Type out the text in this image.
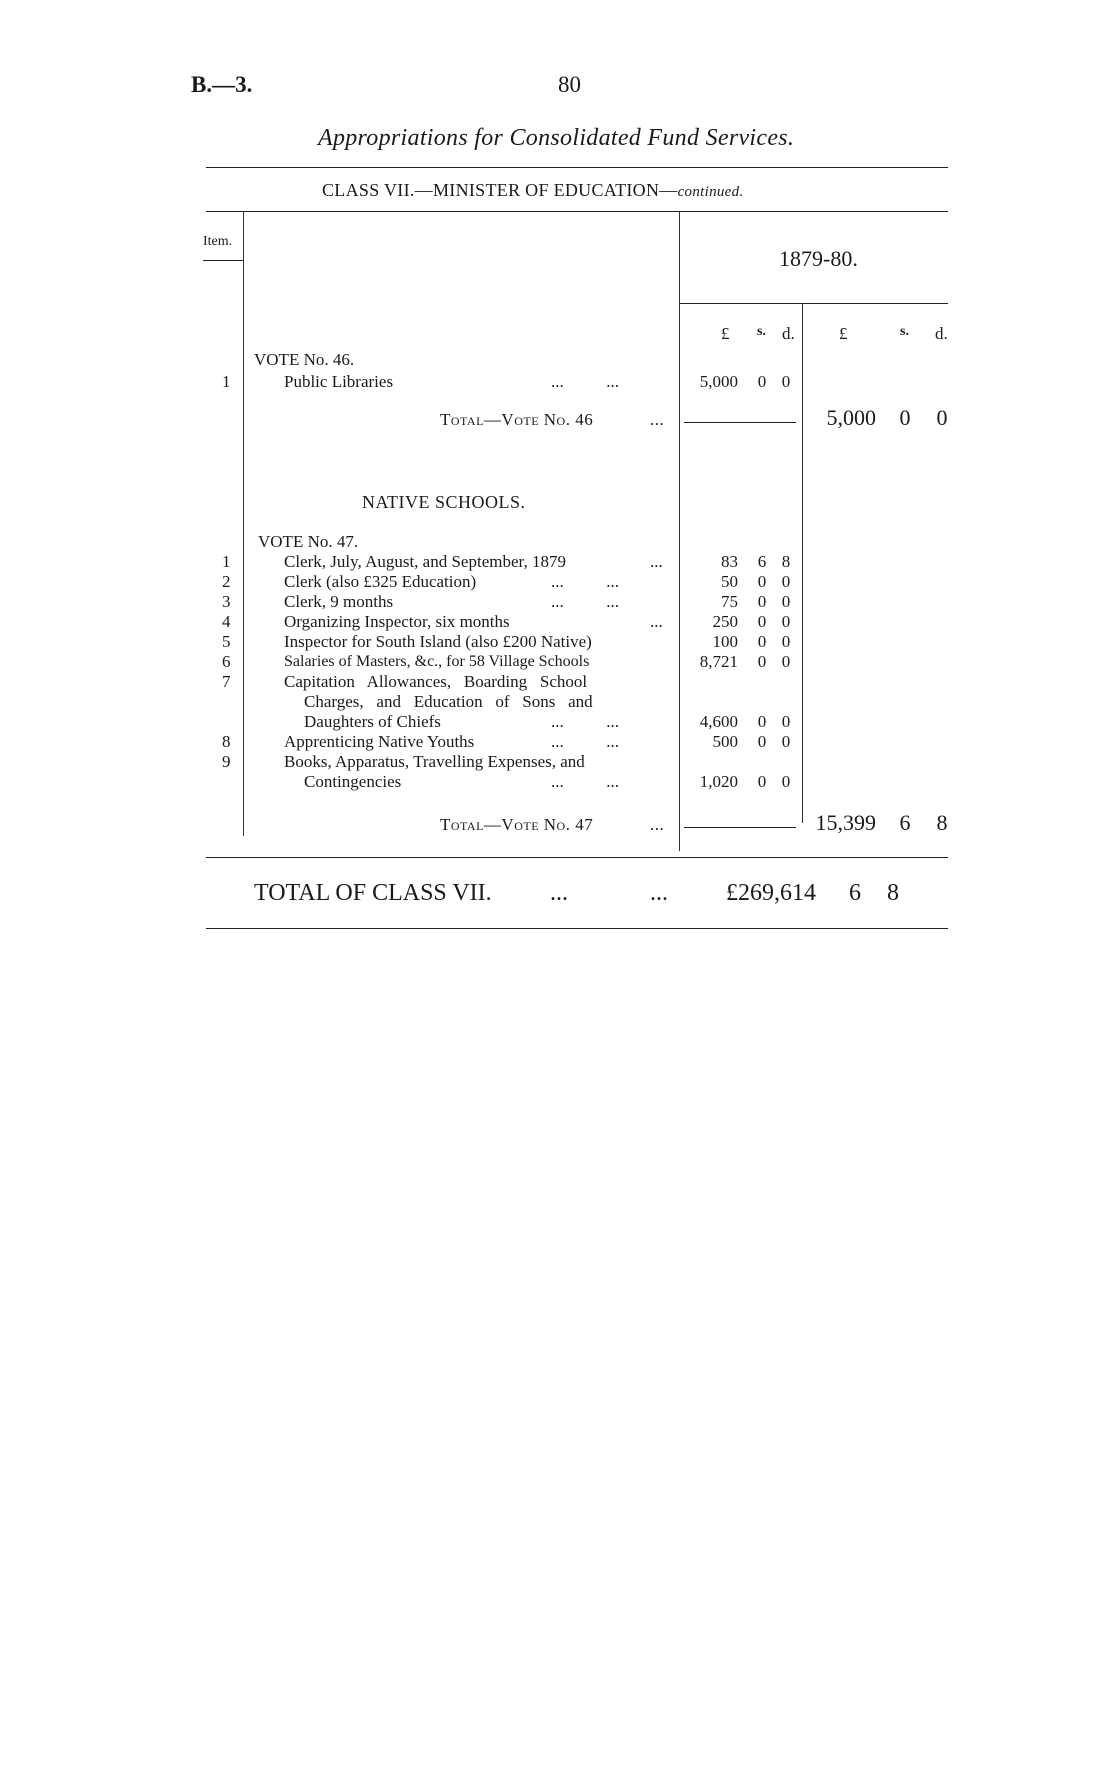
B.—3.	80
Appropriations for Consolidated Fund Services.
CLASS VII.—MINISTER OF EDUCATION—continued.
Item.
1879-80.
£ s. d.	£	s. d.
VOTE No. 46.
1	Public Libraries	...          ...	5,000	0 0
Total—Vote No. 46	...	5,000 0 0
NATIVE SCHOOLS.
VOTE No. 47.
1	Clerk, July, August, and September, 1879	...	83	6 8
2	Clerk (also £325 Education)	...          ...	50	0 0
3	Clerk, 9 months	...          ...	75	0 0
4	Organizing Inspector, six months	...	250	0 0
5	Inspector for South Island (also £200 Native)	100	0 0
6	Salaries of Masters, &c., for 58 Village Schools	8,721	0 0
7	Capitation   Allowances,   Boarding   School
Charges,   and   Education   of   Sons   and
Daughters of Chiefs	...          ...	4,600	0 0
8	Apprenticing Native Youths	...          ...	500	0 0
9	Books, Apparatus, Travelling Expenses, and
Contingencies	...          ...	1,020	0 0
Total—Vote No. 47	...	15,399 6 8
TOTAL OF CLASS VII. ...	... £269,614 6 8
